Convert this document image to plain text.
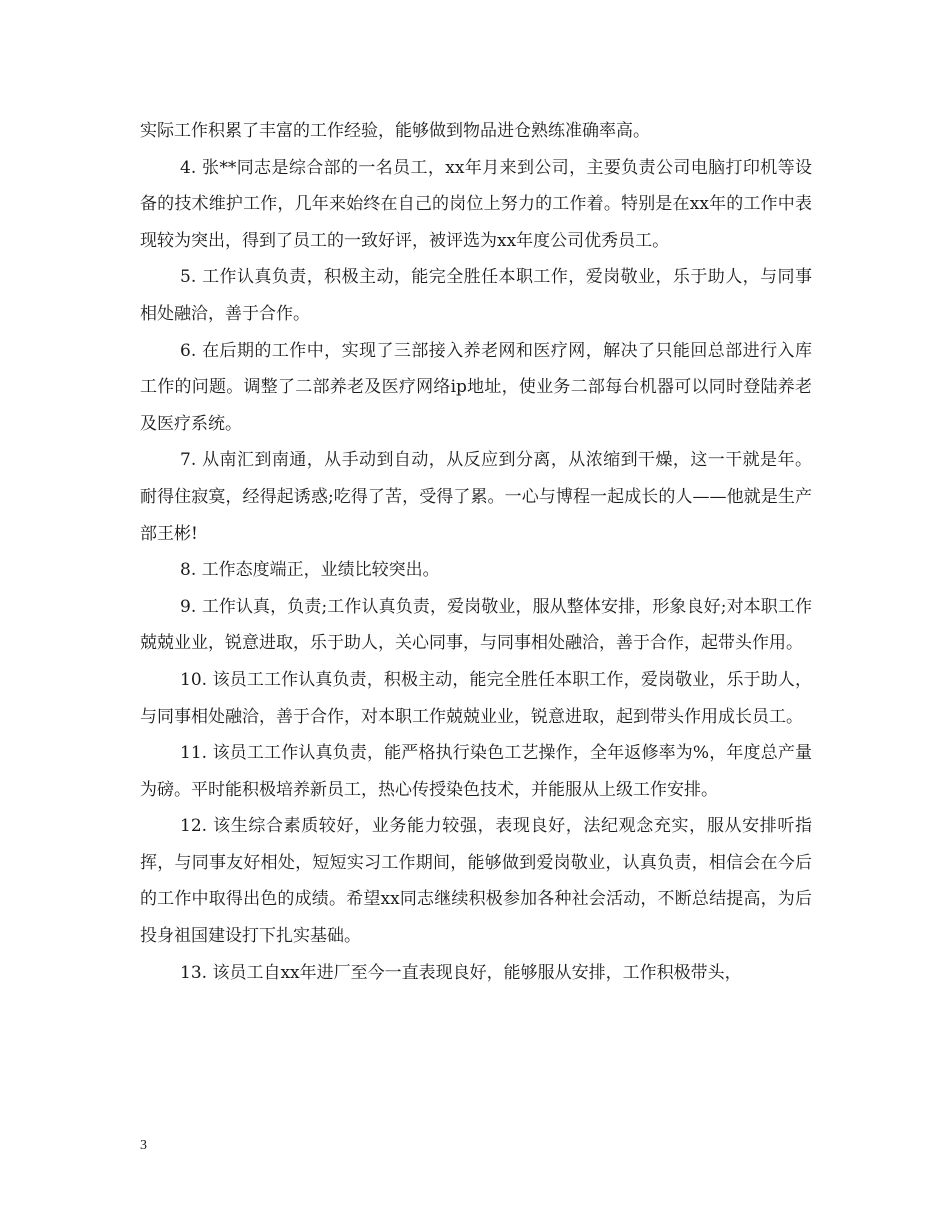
实际工作积累了丰富的工作经验，能够做到物品进仓熟练准确率高。

4. 张**同志是综合部的一名员工，xx年月来到公司，主要负责公司电脑打印机等设备的技术维护工作，几年来始终在自己的岗位上努力的工作着。特别是在xx年的工作中表现较为突出，得到了员工的一致好评，被评选为xx年度公司优秀员工。

5. 工作认真负责，积极主动，能完全胜任本职工作，爱岗敬业，乐于助人，与同事相处融洽，善于合作。

6. 在后期的工作中，实现了三部接入养老网和医疗网，解决了只能回总部进行入库工作的问题。调整了二部养老及医疗网络ip地址，使业务二部每台机器可以同时登陆养老及医疗系统。

7. 从南汇到南通，从手动到自动，从反应到分离，从浓缩到干燥，这一干就是年。耐得住寂寞，经得起诱惑;吃得了苦，受得了累。一心与博程一起成长的人——他就是生产部王彬!

8. 工作态度端正，业绩比较突出。

9. 工作认真，负责;工作认真负责，爱岗敬业，服从整体安排，形象良好;对本职工作兢兢业业，锐意进取，乐于助人，关心同事，与同事相处融洽，善于合作，起带头作用。

10. 该员工工作认真负责，积极主动，能完全胜任本职工作，爱岗敬业，乐于助人，与同事相处融洽，善于合作，对本职工作兢兢业业，锐意进取，起到带头作用成长员工。

11. 该员工工作认真负责，能严格执行染色工艺操作，全年返修率为%，年度总产量为磅。平时能积极培养新员工，热心传授染色技术，并能服从上级工作安排。

12. 该生综合素质较好，业务能力较强，表现良好，法纪观念充实，服从安排听指挥，与同事友好相处，短短实习工作期间，能够做到爱岗敬业，认真负责，相信会在今后的工作中取得出色的成绩。希望xx同志继续积极参加各种社会活动，不断总结提高，为后投身祖国建设打下扎实基础。

13. 该员工自xx年进厂至今一直表现良好，能够服从安排，工作积极带头，

3
